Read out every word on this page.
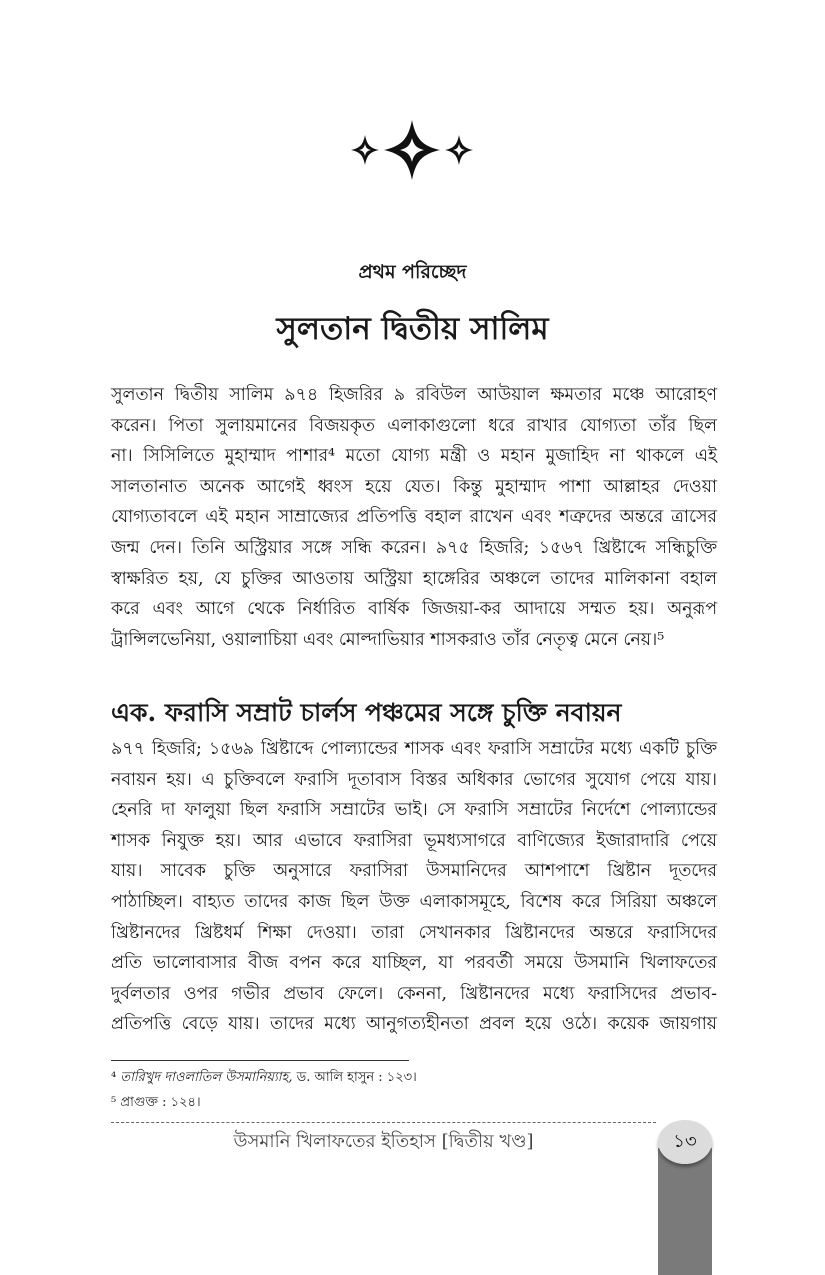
প্রথম পরিচ্ছেদ
সুলতান দ্বিতীয় সালিম
সুলতান দ্বিতীয় সালিম ৯৭৪ হিজরির ৯ রবিউল আউয়াল ক্ষমতার মঞ্চে আরোহণ
করেন। পিতা সুলায়মানের বিজয়কৃত এলাকাগুলো ধরে রাখার যোগ্যতা তাঁর ছিল
না। সিসিলিতে মুহাম্মাদ পাশার⁴ মতো যোগ্য মন্ত্রী ও মহান মুজাহিদ না থাকলে এই
সালতানাত অনেক আগেই ধ্বংস হয়ে যেত। কিন্তু মুহাম্মাদ পাশা আল্লাহর দেওয়া
যোগ্যতাবলে এই মহান সাম্রাজ্যের প্রতিপত্তি বহাল রাখেন এবং শত্রুদের অন্তরে ত্রাসের
জন্ম দেন। তিনি অস্ট্রিয়ার সঙ্গে সন্ধি করেন। ৯৭৫ হিজরি; ১৫৬৭ খ্রিষ্টাব্দে সন্ধিচুক্তি
স্বাক্ষরিত হয়, যে চুক্তির আওতায় অস্ট্রিয়া হাঙ্গেরির অঞ্চলে তাদের মালিকানা বহাল
করে এবং আগে থেকে নির্ধারিত বার্ষিক জিজয়া-কর আদায়ে সম্মত হয়। অনুরূপ
ট্রান্সিলভেনিয়া, ওয়ালাচিয়া এবং মোল্দাভিয়ার শাসকরাও তাঁর নেতৃত্ব মেনে নেয়।⁵
এক. ফরাসি সম্রাট চার্লস পঞ্চমের সঙ্গে চুক্তি নবায়ন
৯৭৭ হিজরি; ১৫৬৯ খ্রিষ্টাব্দে পোল্যান্ডের শাসক এবং ফরাসি সম্রাটের মধ্যে একটি চুক্তি
নবায়ন হয়। এ চুক্তিবলে ফরাসি দূতাবাস বিস্তর অধিকার ভোগের সুযোগ পেয়ে যায়।
হেনরি দা ফালুয়া ছিল ফরাসি সম্রাটের ভাই। সে ফরাসি সম্রাটের নির্দেশে পোল্যান্ডের
শাসক নিযুক্ত হয়। আর এভাবে ফরাসিরা ভূমধ্যসাগরে বাণিজ্যের ইজারাদারি পেয়ে
যায়। সাবেক চুক্তি অনুসারে ফরাসিরা উসমানিদের আশপাশে খ্রিষ্টান দূতদের
পাঠাচ্ছিল। বাহ্যত তাদের কাজ ছিল উক্ত এলাকাসমূহে, বিশেষ করে সিরিয়া অঞ্চলে
খ্রিষ্টানদের খ্রিষ্টধর্ম শিক্ষা দেওয়া। তারা সেখানকার খ্রিষ্টানদের অন্তরে ফরাসিদের
প্রতি ভালোবাসার বীজ বপন করে যাচ্ছিল, যা পরবর্তী সময়ে উসমানি খিলাফতের
দুর্বলতার ওপর গভীর প্রভাব ফেলে। কেননা, খ্রিষ্টানদের মধ্যে ফরাসিদের প্রভাব-
প্রতিপত্তি বেড়ে যায়। তাদের মধ্যে আনুগত্যহীনতা প্রবল হয়ে ওঠে। কয়েক জায়গায়
⁴ তারিখুদ দাওলাতিল উসমানিয়্যাহ, ড. আলি হাসুন : ১২৩।
⁵ প্রাগুক্ত : ১২৪।
উসমানি খিলাফতের ইতিহাস [দ্বিতীয় খণ্ড]	১৩
